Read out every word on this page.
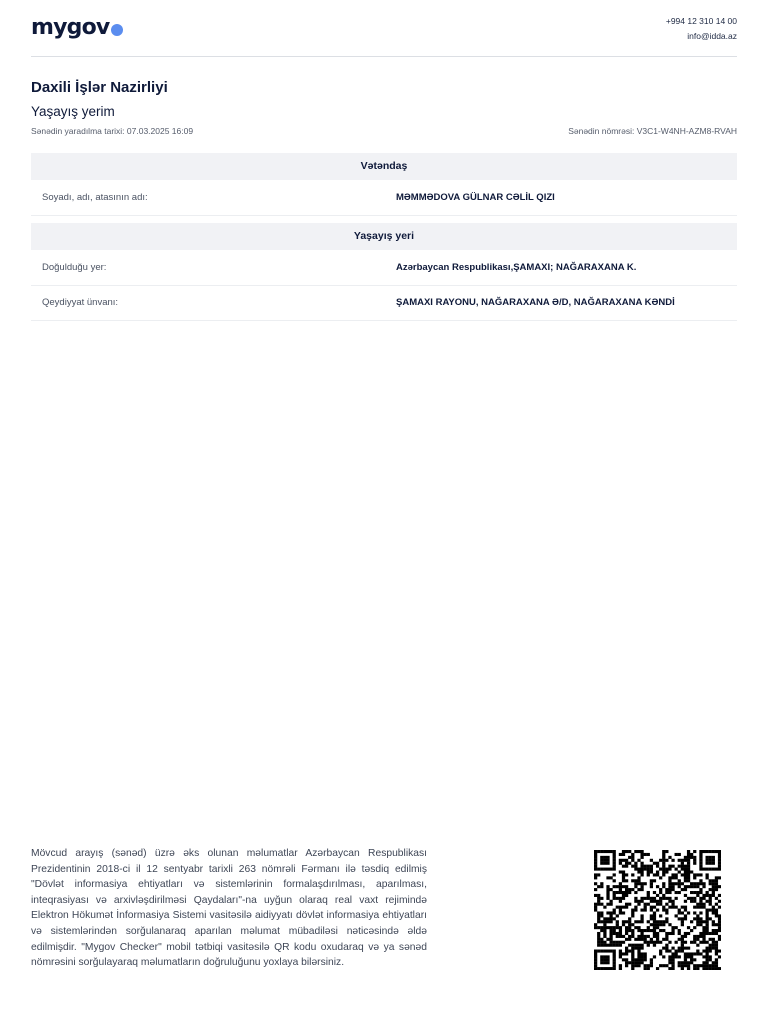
mygov	+994 12 310 14 00
info@idda.az
Daxili İşlər Nazirliyi
Yaşayış yerim
Sənədin yaradılma tarixi: 07.03.2025 16:09	Sənədin nömrəsi: V3C1-W4NH-AZM8-RVAH
Vətəndaş
Soyadı, adı, atasının adı:	MƏMMƏDOVA GÜLNAR CƏLİL QIZI
Yaşayış yeri
Doğulduğu yer:	Azərbaycan Respublikası,ŞAMAXI; NAĞARAXANA K.
Qeydiyyat ünvanı:	ŞAMAXI RAYONU, NAĞARAXANA Ə/D, NAĞARAXANA KƏNDİ
Mövcud arayış (sənəd) üzrə əks olunan məlumatlar Azərbaycan Respublikası Prezidentinin 2018-ci il 12 sentyabr tarixli 263 nömrəli Fərmanı ilə təsdiq edilmiş "Dövlət informasiya ehtiyatları və sistemlərinin formalaşdırılması, aparılması, inteqrasiyası və arxivləşdirilməsi Qaydaları"-na uyğun olaraq real vaxt rejimində Elektron Hökumət İnformasiya Sistemi vasitəsilə aidiyyatı dövlət informasiya ehtiyatları və sistemlərindən sorğulanaraq aparılan məlumat mübadiləsi nəticəsində əldə edilmişdir. "Mygov Checker" mobil tətbiqi vasitəsilə QR kodu oxudaraq və ya sənəd nömrəsini sorğulayaraq məlumatların doğruluğunu yoxlaya bilərsiniz.
